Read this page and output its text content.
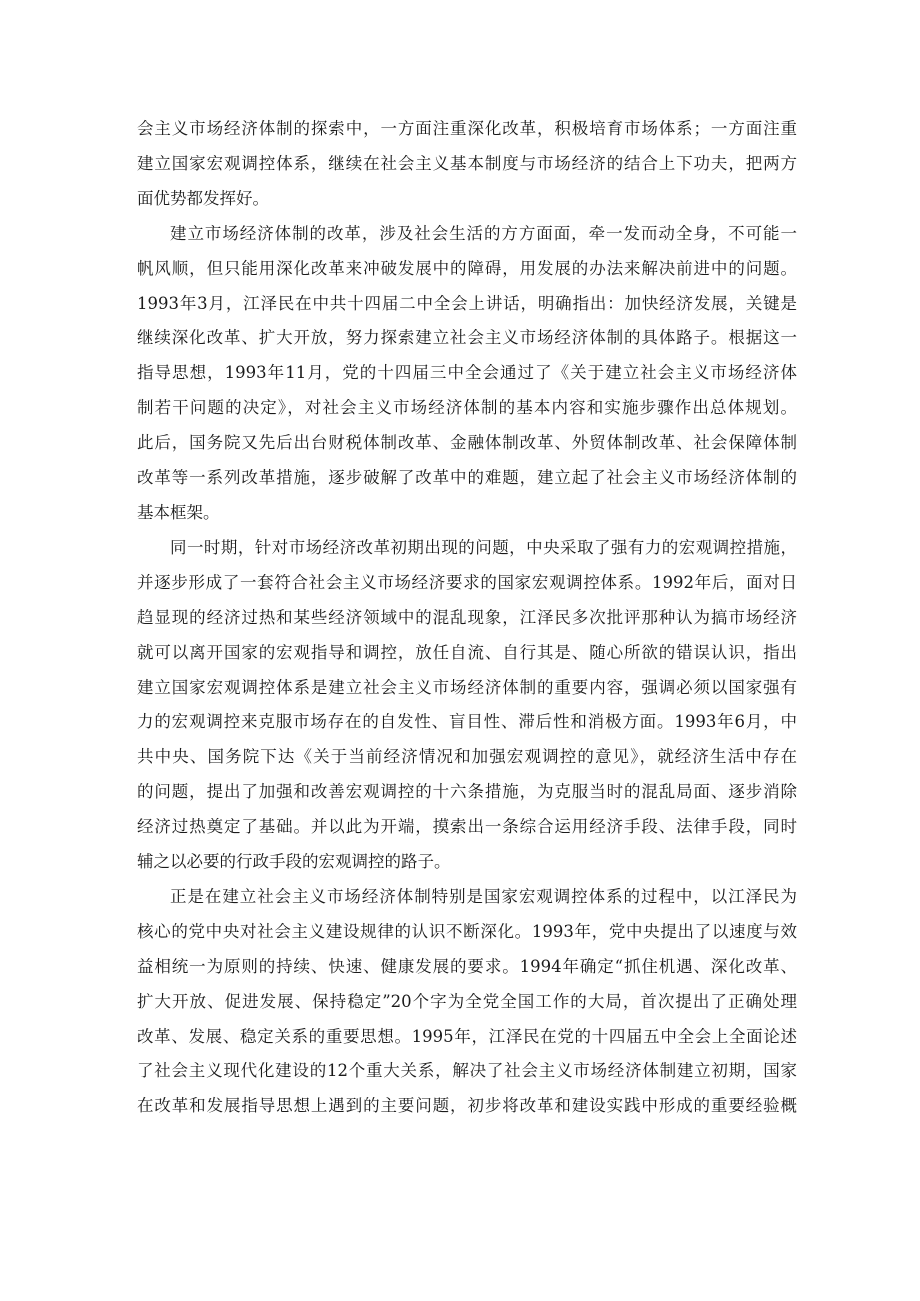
会主义市场经济体制的探索中，一方面注重深化改革，积极培育市场体系；一方面注重
建立国家宏观调控体系，继续在社会主义基本制度与市场经济的结合上下功夫，把两方
面优势都发挥好。
建立市场经济体制的改革，涉及社会生活的方方面面，牵一发而动全身，不可能一
帆风顺，但只能用深化改革来冲破发展中的障碍，用发展的办法来解决前进中的问题。
1993年3月，江泽民在中共十四届二中全会上讲话，明确指出：加快经济发展，关键是
继续深化改革、扩大开放，努力探索建立社会主义市场经济体制的具体路子。根据这一
指导思想，1993年11月，党的十四届三中全会通过了《关于建立社会主义市场经济体
制若干问题的决定》，对社会主义市场经济体制的基本内容和实施步骤作出总体规划。
此后，国务院又先后出台财税体制改革、金融体制改革、外贸体制改革、社会保障体制
改革等一系列改革措施，逐步破解了改革中的难题，建立起了社会主义市场经济体制的
基本框架。
同一时期，针对市场经济改革初期出现的问题，中央采取了强有力的宏观调控措施，
并逐步形成了一套符合社会主义市场经济要求的国家宏观调控体系。1992年后，面对日
趋显现的经济过热和某些经济领域中的混乱现象，江泽民多次批评那种认为搞市场经济
就可以离开国家的宏观指导和调控，放任自流、自行其是、随心所欲的错误认识，指出
建立国家宏观调控体系是建立社会主义市场经济体制的重要内容，强调必须以国家强有
力的宏观调控来克服市场存在的自发性、盲目性、滞后性和消极方面。1993年6月，中
共中央、国务院下达《关于当前经济情况和加强宏观调控的意见》，就经济生活中存在
的问题，提出了加强和改善宏观调控的十六条措施，为克服当时的混乱局面、逐步消除
经济过热奠定了基础。并以此为开端，摸索出一条综合运用经济手段、法律手段，同时
辅之以必要的行政手段的宏观调控的路子。
正是在建立社会主义市场经济体制特别是国家宏观调控体系的过程中，以江泽民为
核心的党中央对社会主义建设规律的认识不断深化。1993年，党中央提出了以速度与效
益相统一为原则的持续、快速、健康发展的要求。1994年确定“抓住机遇、深化改革、
扩大开放、促进发展、保持稳定”20个字为全党全国工作的大局，首次提出了正确处理
改革、发展、稳定关系的重要思想。1995年，江泽民在党的十四届五中全会上全面论述
了社会主义现代化建设的12个重大关系，解决了社会主义市场经济体制建立初期，国家
在改革和发展指导思想上遇到的主要问题，初步将改革和建设实践中形成的重要经验概
